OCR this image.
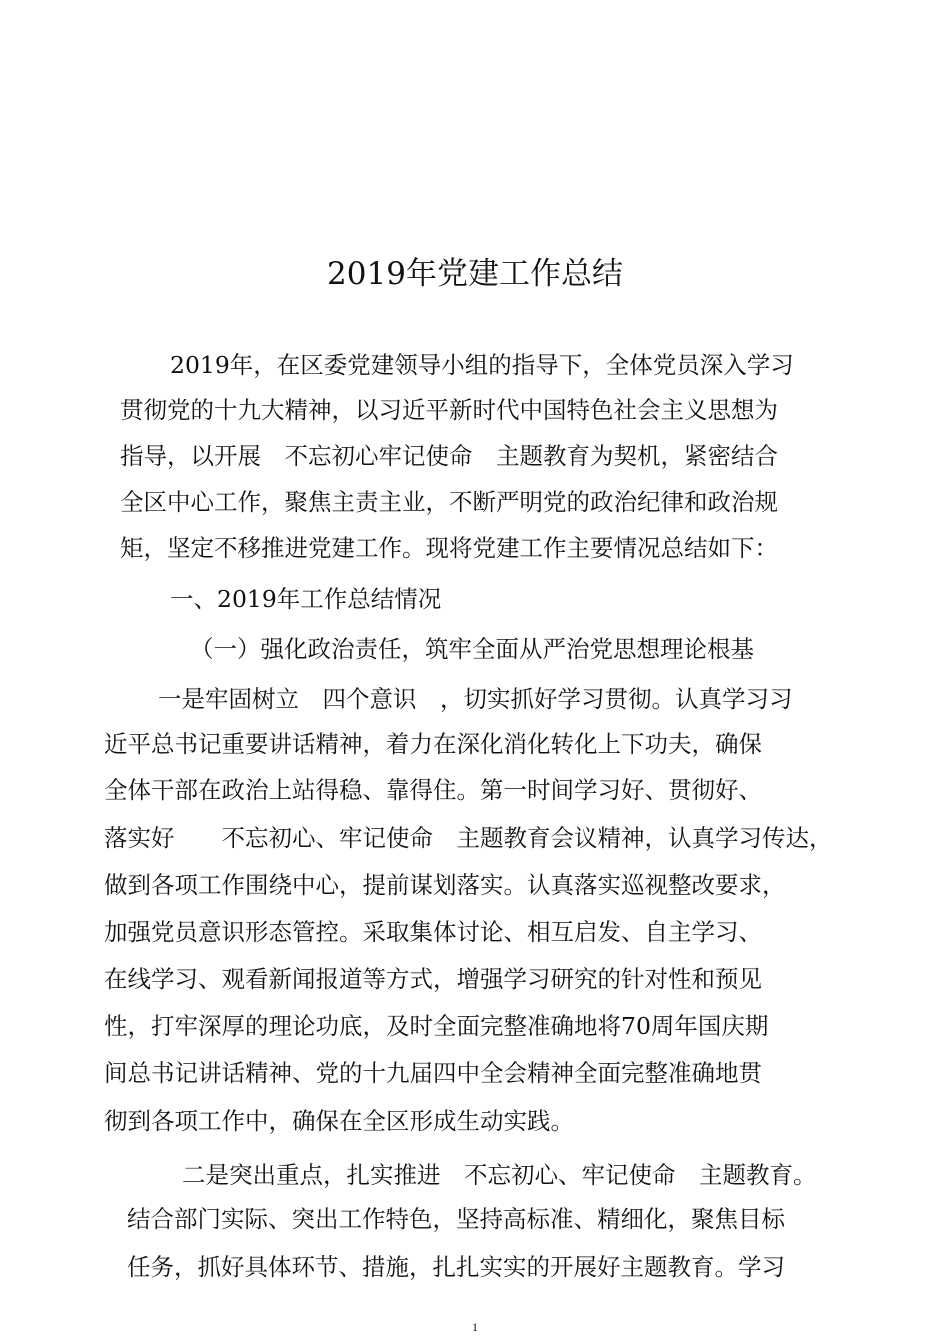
2019年党建工作总结
2019年，在区委党建领导小组的指导下，全体党员深入学习
贯彻党的十九大精神，以习近平新时代中国特色社会主义思想为
指导，以开展　不忘初心牢记使命　主题教育为契机，紧密结合
全区中心工作，聚焦主责主业，不断严明党的政治纪律和政治规
矩，坚定不移推进党建工作。现将党建工作主要情况总结如下：
一、2019年工作总结情况
（一）强化政治责任，筑牢全面从严治党思想理论根基
一是牢固树立　四个意识　，切实抓好学习贯彻。认真学习习
近平总书记重要讲话精神，着力在深化消化转化上下功夫，确保
全体干部在政治上站得稳、靠得住。第一时间学习好、贯彻好、
落实好　　不忘初心、牢记使命　主题教育会议精神，认真学习传达，
做到各项工作围绕中心，提前谋划落实。认真落实巡视整改要求，
加强党员意识形态管控。采取集体讨论、相互启发、自主学习、
在线学习、观看新闻报道等方式，增强学习研究的针对性和预见
性，打牢深厚的理论功底，及时全面完整准确地将70周年国庆期
间总书记讲话精神、党的十九届四中全会精神全面完整准确地贯
彻到各项工作中，确保在全区形成生动实践。
二是突出重点，扎实推进　不忘初心、牢记使命　主题教育。
结合部门实际、突出工作特色，坚持高标准、精细化，聚焦目标
任务，抓好具体环节、措施，扎扎实实的开展好主题教育。学习
1
